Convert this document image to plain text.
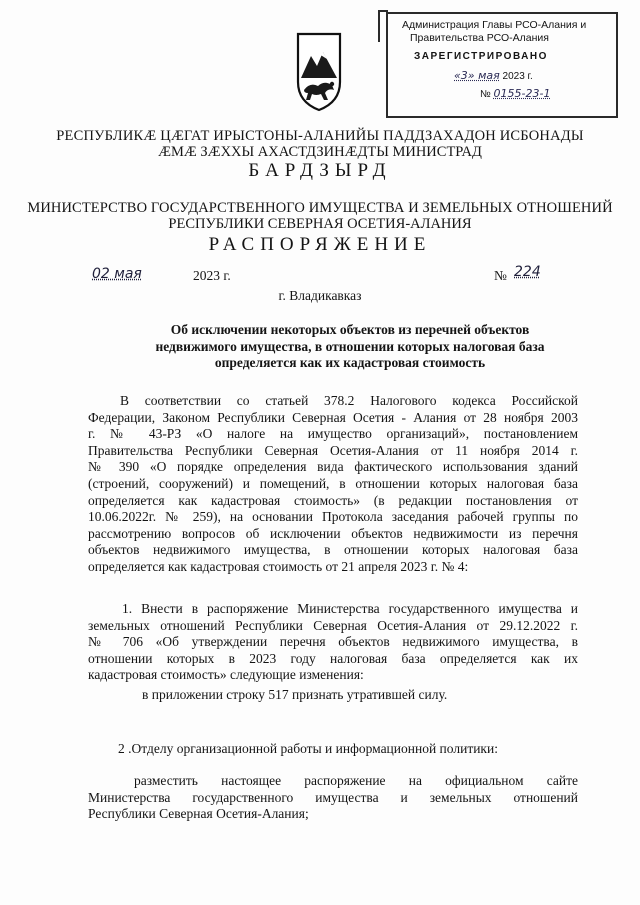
Администрация Главы РСО-Алания и
Правительства РСО-Алания
ЗАРЕГИСТРИРОВАНО
«3» мая 2023 г.
№ 0155-23-1
РЕСПУБЛИКӔ ЦӔГАТ ИРЫСТОНЫ-АЛАНИЙЫ ПАДДЗАХАДОН ИСБОНАДЫ
ӔМӔ ЗӔХХЫ АХАСТДЗИНӔДТЫ МИНИСТРАД
БАРДЗЫРД
МИНИСТЕРСТВО ГОСУДАРСТВЕННОГО ИМУЩЕСТВА И ЗЕМЕЛЬНЫХ ОТНОШЕНИЙ
РЕСПУБЛИКИ СЕВЕРНАЯ ОСЕТИЯ-АЛАНИЯ
РАСПОРЯЖЕНИЕ
02 мая	2023 г.	№ 224
г. Владикавказ
Об исключении некоторых объектов из перечней объектов
недвижимого имущества, в отношении которых налоговая база
определяется как их кадастровая стоимость
В соответствии со статьей 378.2 Налогового кодекса Российской
Федерации, Законом Республики Северная Осетия - Алания от 28 ноября 2003
г. № 43-РЗ «О налоге на имущество организаций», постановлением
Правительства Республики Северная Осетия-Алания от 11 ноября 2014 г.
№ 390 «О порядке определения вида фактического использования зданий
(строений, сооружений) и помещений, в отношении которых налоговая база
определяется как кадастровая стоимость» (в редакции постановления от
10.06.2022г. № 259), на основании Протокола заседания рабочей группы по
рассмотрению вопросов об исключении объектов недвижимости из перечня
объектов недвижимого имущества, в отношении которых налоговая база
определяется как кадастровая стоимость от 21 апреля 2023 г. № 4:
1. Внести в распоряжение Министерства государственного имущества и
земельных отношений Республики Северная Осетия-Алания от 29.12.2022 г.
№ 706 «Об утверждении перечня объектов недвижимого имущества, в
отношении которых в 2023 году налоговая база определяется как их
кадастровая стоимость» следующие изменения:
в приложении строку 517 признать утратившей силу.
2 .Отделу организационной работы и информационной политики:
разместить настоящее распоряжение на официальном сайте
Министерства государственного имущества и земельных отношений
Республики Северная Осетия-Алания;
